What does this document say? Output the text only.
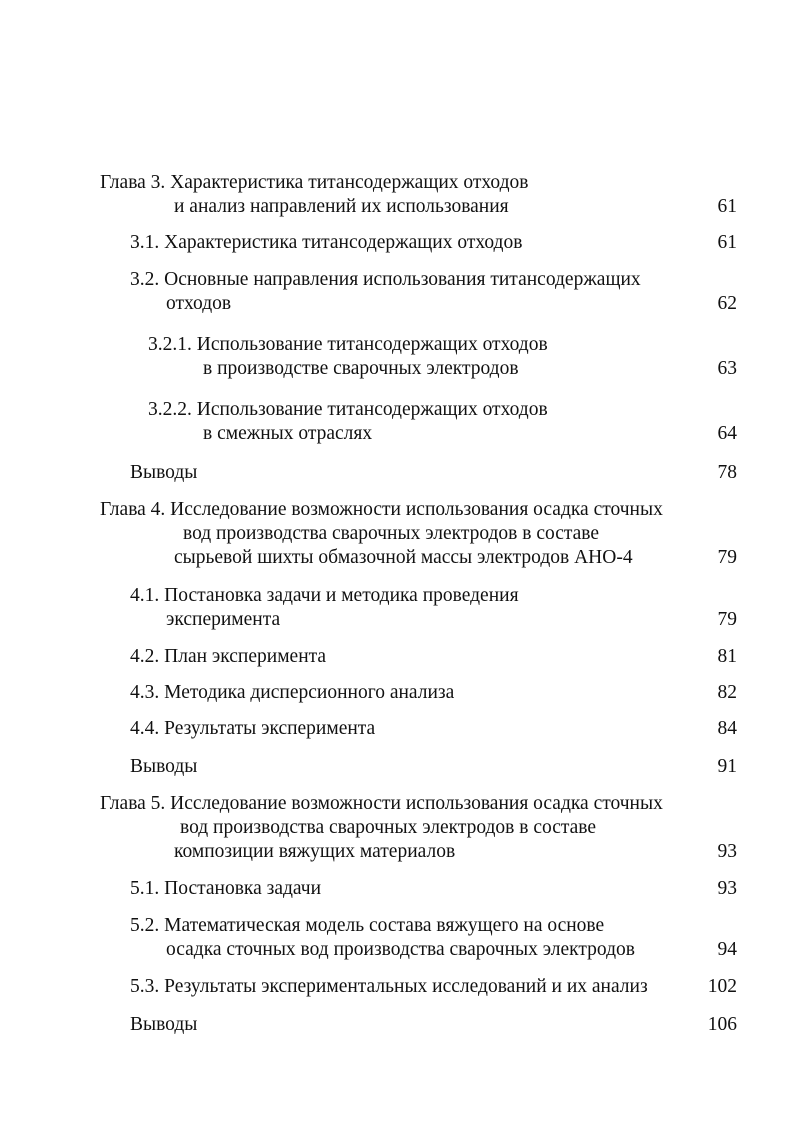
Глава 3. Характеристика титансодержащих отходов
и анализ направлений их использования	61
3.1. Характеристика титансодержащих отходов	61
3.2. Основные направления использования титансодержащих
отходов	62
3.2.1. Использование титансодержащих отходов
в производстве сварочных электродов	63
3.2.2. Использование титансодержащих отходов
в смежных отраслях	64
Выводы	78
Глава 4. Исследование возможности использования осадка сточных
вод производства сварочных электродов в составе
сырьевой шихты обмазочной массы электродов АНО-4	79
4.1. Постановка задачи и методика проведения
эксперимента	79
4.2. План эксперимента	81
4.3. Методика дисперсионного анализа	82
4.4. Результаты эксперимента	84
Выводы	91
Глава 5. Исследование возможности использования осадка сточных
вод производства сварочных электродов в составе
композиции вяжущих материалов	93
5.1. Постановка задачи	93
5.2. Математическая модель состава вяжущего на основе
осадка сточных вод производства сварочных электродов	94
5.3. Результаты экспериментальных исследований и их анализ	102
Выводы	106
